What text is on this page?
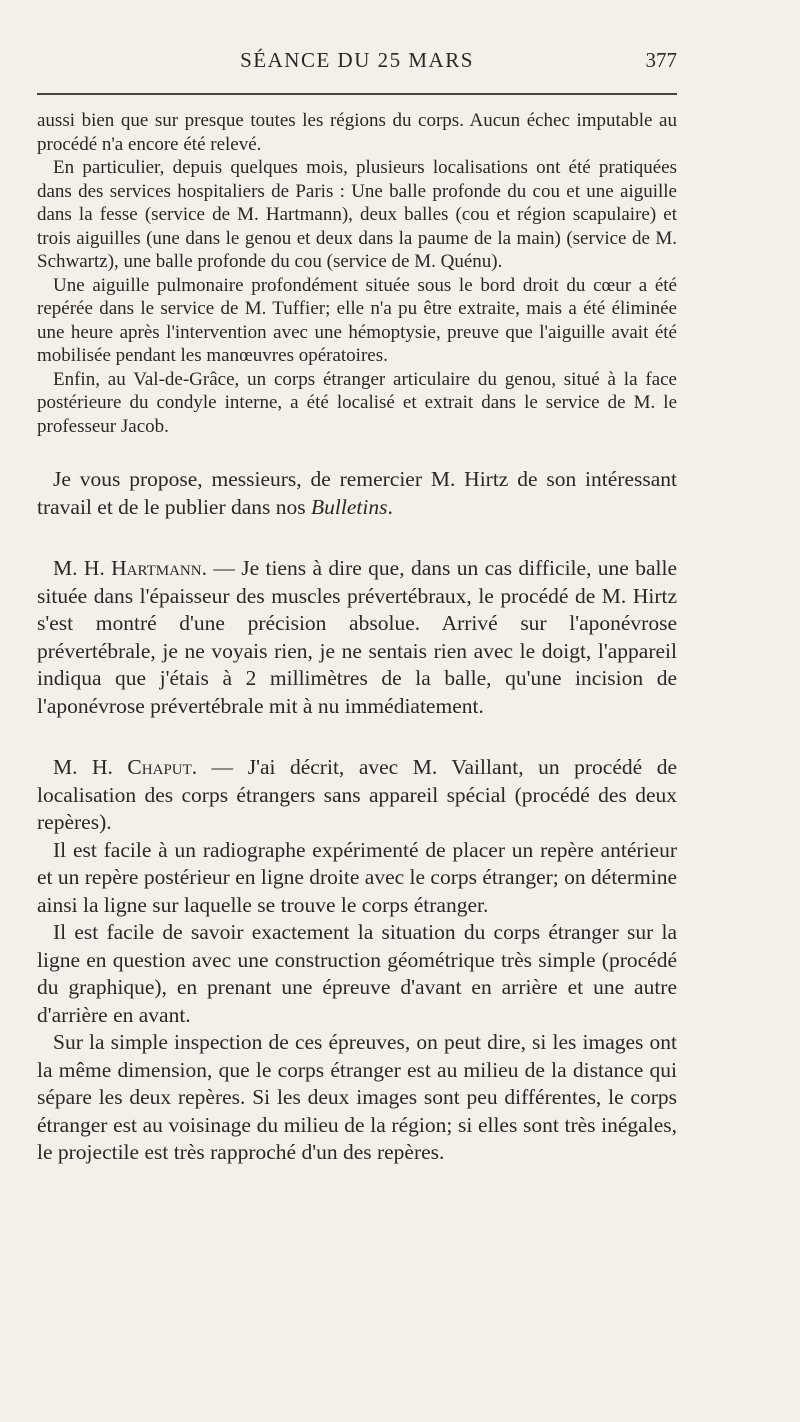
SÉANCE DU 25 MARS	377

aussi bien que sur presque toutes les régions du corps. Aucun échec imputable au procédé n'a encore été relevé.

En particulier, depuis quelques mois, plusieurs localisations ont été pratiquées dans des services hospitaliers de Paris : Une balle profonde du cou et une aiguille dans la fesse (service de M. Hartmann), deux balles (cou et région scapulaire) et trois aiguilles (une dans le genou et deux dans la paume de la main) (service de M. Schwartz), une balle profonde du cou (service de M. Quénu).

Une aiguille pulmonaire profondément située sous le bord droit du cœur a été repérée dans le service de M. Tuffier; elle n'a pu être extraite, mais a été éliminée une heure après l'intervention avec une hémoptysie, preuve que l'aiguille avait été mobilisée pendant les manœuvres opératoires.

Enfin, au Val-de-Grâce, un corps étranger articulaire du genou, situé à la face postérieure du condyle interne, a été localisé et extrait dans le service de M. le professeur Jacob.

Je vous propose, messieurs, de remercier M. Hirtz de son intéressant travail et de le publier dans nos Bulletins.

M. H. Hartmann. — Je tiens à dire que, dans un cas difficile, une balle située dans l'épaisseur des muscles prévertébraux, le procédé de M. Hirtz s'est montré d'une précision absolue. Arrivé sur l'aponévrose prévertébrale, je ne voyais rien, je ne sentais rien avec le doigt, l'appareil indiqua que j'étais à 2 millimètres de la balle, qu'une incision de l'aponévrose prévertébrale mit à nu immédiatement.

M. H. Chaput. — J'ai décrit, avec M. Vaillant, un procédé de localisation des corps étrangers sans appareil spécial (procédé des deux repères).

Il est facile à un radiographe expérimenté de placer un repère antérieur et un repère postérieur en ligne droite avec le corps étranger; on détermine ainsi la ligne sur laquelle se trouve le corps étranger.

Il est facile de savoir exactement la situation du corps étranger sur la ligne en question avec une construction géométrique très simple (procédé du graphique), en prenant une épreuve d'avant en arrière et une autre d'arrière en avant.

Sur la simple inspection de ces épreuves, on peut dire, si les images ont la même dimension, que le corps étranger est au milieu de la distance qui sépare les deux repères. Si les deux images sont peu différentes, le corps étranger est au voisinage du milieu de la région; si elles sont très inégales, le projectile est très rapproché d'un des repères.
